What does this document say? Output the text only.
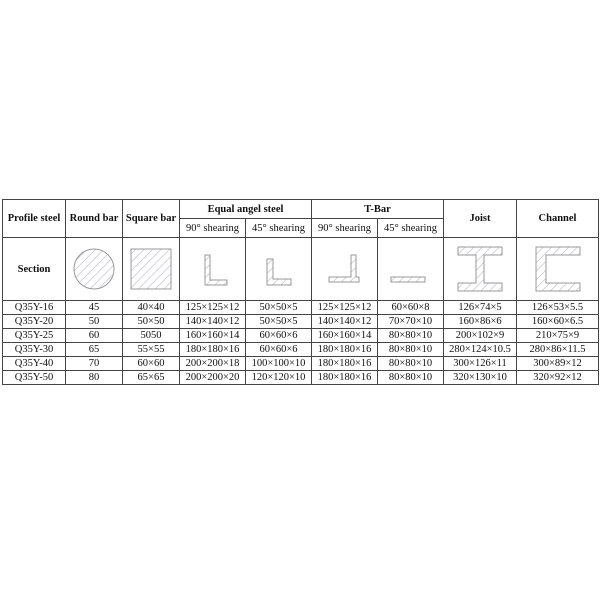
Profile steel	Round bar	Square bar	Equal angel steel		T-Bar		Joist	Channel
			90° shearing	45° shearing	90° shearing	45° shearing		
Section	

Q35Y-16	45	40×40	125×125×12	50×50×5	125×125×12	60×60×8	126×74×5	126×53×5.5
Q35Y-20	50	50×50	140×140×12	50×50×5	140×140×12	70×70×10	160×86×6	160×60×6.5
Q35Y-25	60	5050	160×160×14	60×60×6	160×160×14	80×80×10	200×102×9	210×75×9
Q35Y-30	65	55×55	180×180×16	60×60×6	180×180×16	80×80×10	280×124×10.5	280×86×11.5
Q35Y-40	70	60×60	200×200×18	100×100×10	180×180×16	80×80×10	300×126×11	300×89×12
Q35Y-50	80	65×65	200×200×20	120×120×10	180×180×16	80×80×10	320×130×10	320×92×12
